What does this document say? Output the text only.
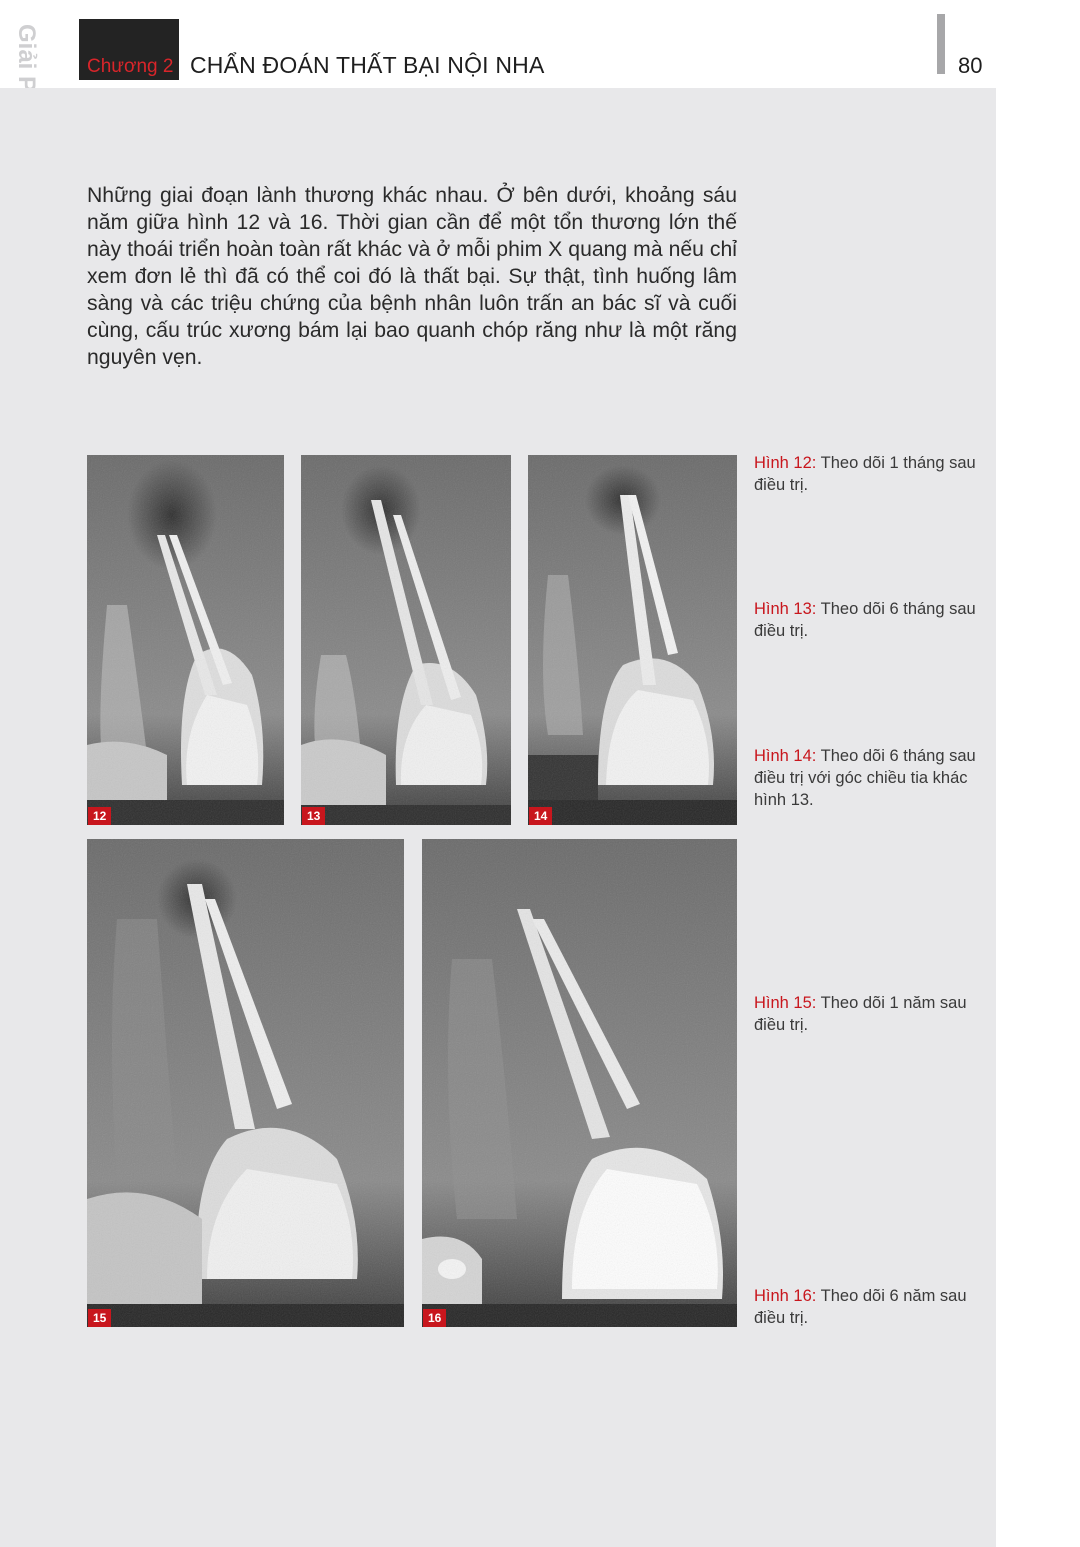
Chương 2 CHẨN ĐOÁN THẤT BẠI NỘI NHA	80
Những giai đoạn lành thương khác nhau. Ở bên dưới, khoảng sáu năm giữa hình 12 và 16. Thời gian cần để một tổn thương lớn thế này thoái triển hoàn toàn rất khác và ở mỗi phim X quang mà nếu chỉ xem đơn lẻ thì đã có thể coi đó là thất bại. Sự thật, tình huống lâm sàng và các triệu chứng của bệnh nhân luôn trấn an bác sĩ và cuối cùng, cấu trúc xương bám lại bao quanh chóp răng như là một răng nguyên vẹn.
12	13	14
15	16
Hình 12: Theo dõi 1 tháng sau điều trị.
Hình 13: Theo dõi 6 tháng sau điều trị.
Hình 14: Theo dõi 6 tháng sau điều trị với góc chiều tia khác hình 13.
Hình 15: Theo dõi 1 năm sau điều trị.
Hình 16: Theo dõi 6 năm sau điều trị.
